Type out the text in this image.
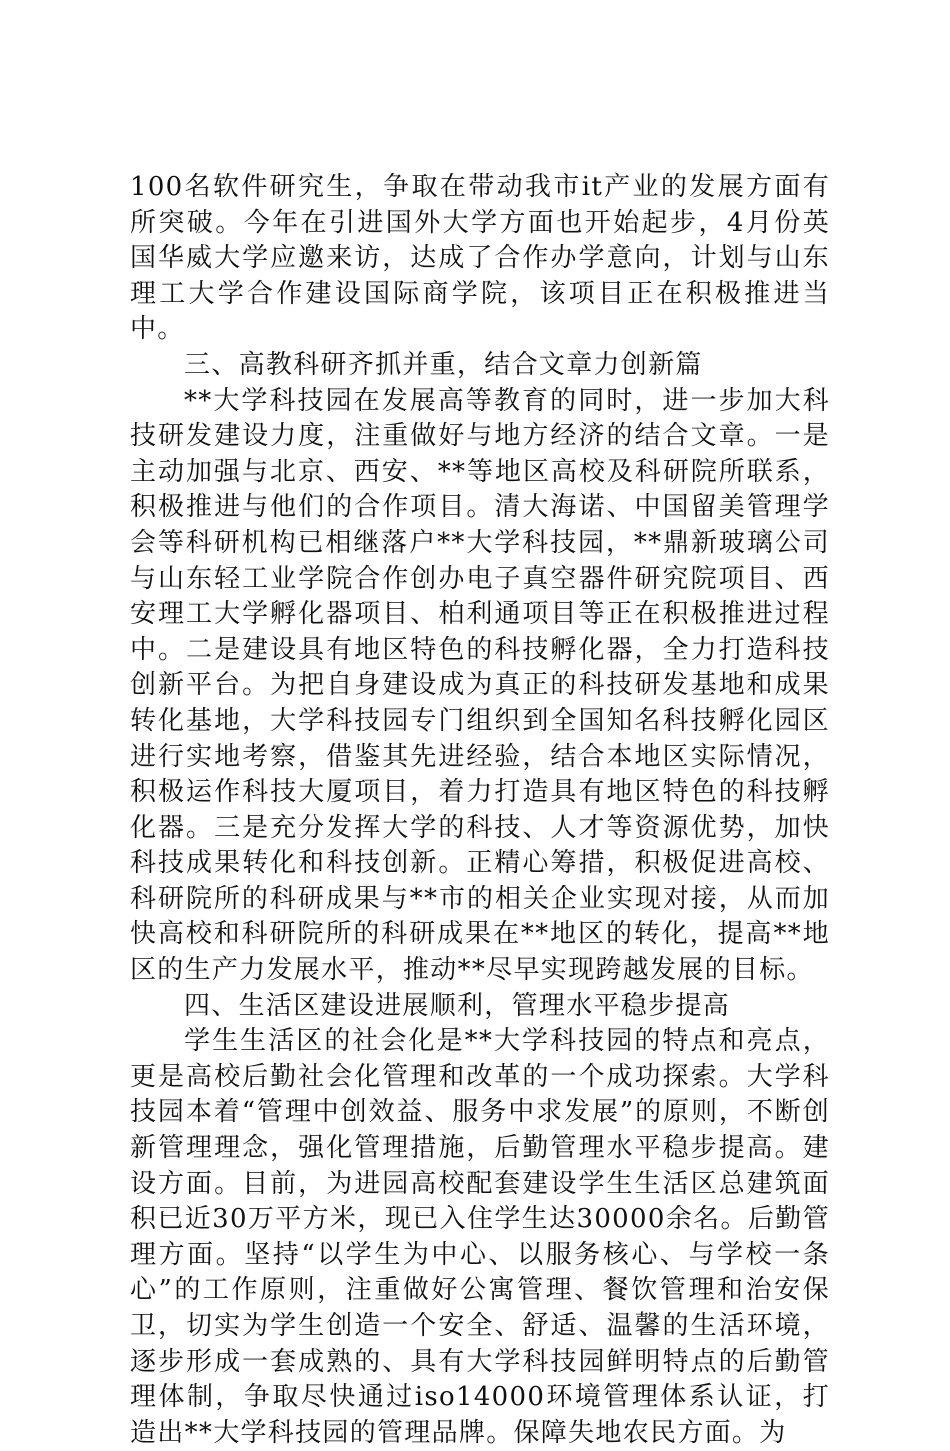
100名软件研究生，争取在带动我市it产业的发展方面有所突破。今年在引进国外大学方面也开始起步，4月份英国华威大学应邀来访，达成了合作办学意向，计划与山东理工大学合作建设国际商学院，该项目正在积极推进当中。

三、高教科研齐抓并重，结合文章力创新篇

**大学科技园在发展高等教育的同时，进一步加大科技研发建设力度，注重做好与地方经济的结合文章。一是主动加强与北京、西安、**等地区高校及科研院所联系，积极推进与他们的合作项目。清大海诺、中国留美管理学会等科研机构已相继落户**大学科技园，**鼎新玻璃公司与山东轻工业学院合作创办电子真空器件研究院项目、西安理工大学孵化器项目、柏利通项目等正在积极推进过程中。二是建设具有地区特色的科技孵化器，全力打造科技创新平台。为把自身建设成为真正的科技研发基地和成果转化基地，大学科技园专门组织到全国知名科技孵化园区进行实地考察，借鉴其先进经验，结合本地区实际情况，积极运作科技大厦项目，着力打造具有地区特色的科技孵化器。三是充分发挥大学的科技、人才等资源优势，加快科技成果转化和科技创新。正精心筹措，积极促进高校、科研院所的科研成果与**市的相关企业实现对接，从而加快高校和科研院所的科研成果在**地区的转化，提高**地区的生产力发展水平，推动**尽早实现跨越发展的目标。

四、生活区建设进展顺利，管理水平稳步提高

学生生活区的社会化是**大学科技园的特点和亮点，更是高校后勤社会化管理和改革的一个成功探索。大学科技园本着“管理中创效益、服务中求发展”的原则，不断创新管理理念，强化管理措施，后勤管理水平稳步提高。建设方面。目前，为进园高校配套建设学生生活区总建筑面积已近30万平方米，现已入住学生达30000余名。后勤管理方面。坚持“以学生为中心、以服务核心、与学校一条心”的工作原则，注重做好公寓管理、餐饮管理和治安保卫，切实为学生创造一个安全、舒适、温馨的生活环境，逐步形成一套成熟的、具有大学科技园鲜明特点的后勤管理体制，争取尽快通过iso14000环境管理体系认证，打造出**大学科技园的管理品牌。保障失地农民方面。为
